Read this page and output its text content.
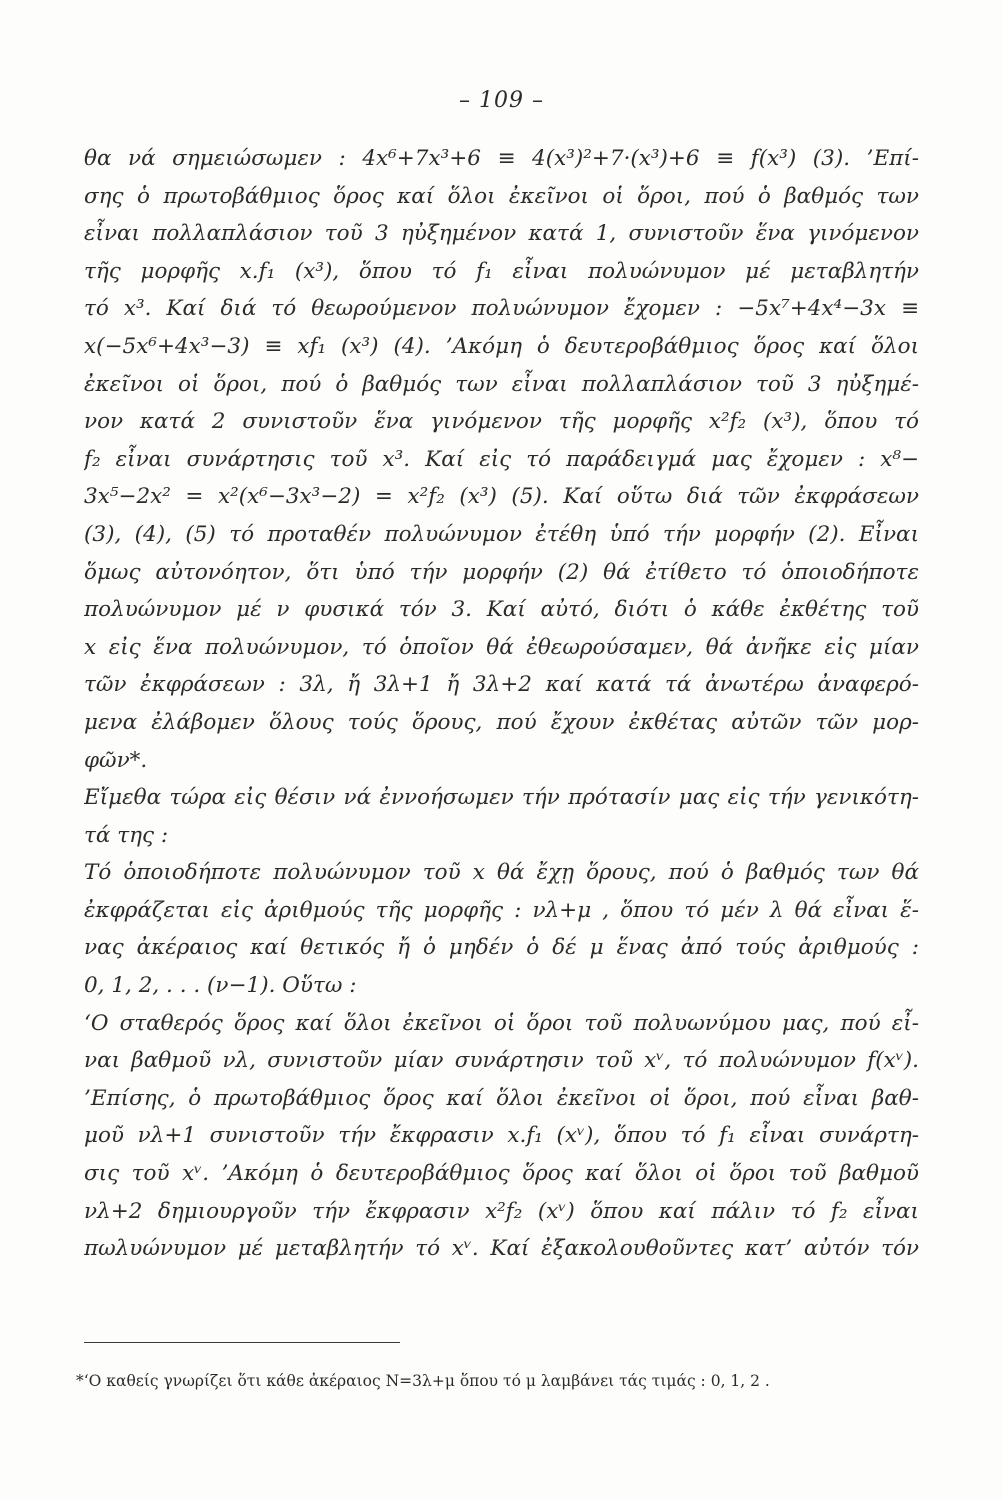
– 109 –
θα νά σημειώσωμεν : 4x⁶+7x³+6 ≡ 4(x³)²+7·(x³)+6 ≡ f(x³) (3). ’Επί-
σης ὁ πρωτοβάθμιος ὅρος καί ὅλοι ἐκεῖνοι οἱ ὅροι, πού ὁ βαθμός των
εἶναι πολλαπλάσιον τοῦ 3 ηὐξημένον κατά 1, συνιστοῦν ἕνα γινόμενον
τῆς μορφῆς x.f₁ (x³), ὅπου τό f₁ εἶναι πολυώνυμον μέ μεταβλητήν
τό x³. Καί διά τό θεωρούμενον πολυώνυμον ἔχομεν : −5x⁷+4x⁴−3x ≡
x(−5x⁶+4x³−3) ≡ xf₁ (x³) (4). ’Ακόμη ὁ δευτεροβάθμιος ὅρος καί ὅλοι
ἐκεῖνοι οἱ ὅροι, πού ὁ βαθμός των εἶναι πολλαπλάσιον τοῦ 3 ηὐξημέ-
νον κατά 2 συνιστοῦν ἕνα γινόμενον τῆς μορφῆς x²f₂ (x³), ὅπου τό
f₂ εἶναι συνάρτησις τοῦ x³. Καί εἰς τό παράδειγμά μας ἔχομεν : x⁸−
3x⁵−2x² = x²(x⁶−3x³−2) = x²f₂ (x³) (5). Καί οὕτω διά τῶν ἐκφράσεων
(3), (4), (5) τό προταθέν πολυώνυμον ἐτέθη ὑπό τήν μορφήν (2). Εἶναι
ὅμως αὐτονόητον, ὅτι ὑπό τήν μορφήν (2) θά ἐτίθετο τό ὁποιοδήποτε
πολυώνυμον μέ ν φυσικά τόν 3. Καί αὐτό, διότι ὁ κάθε ἐκθέτης τοῦ
x εἰς ἕνα πολυώνυμον, τό ὁποῖον θά ἐθεωρούσαμεν, θά ἀνῆκε εἰς μίαν
τῶν ἐκφράσεων : 3λ, ἤ 3λ+1 ἤ 3λ+2 καί κατά τά ἀνωτέρω ἀναφερό-
μενα ἐλάβομεν ὅλους τούς ὅρους, πού ἔχουν ἐκθέτας αὐτῶν τῶν μορ-
φῶν*.
Εἴμεθα τώρα εἰς θέσιν νά ἐννοήσωμεν τήν πρότασίν μας εἰς τήν γενικότη-
τά της :
Τό ὁποιοδήποτε πολυώνυμον τοῦ x θά ἔχῃ ὅρους, πού ὁ βαθμός των θά
ἐκφράζεται εἰς ἀριθμούς τῆς μορφῆς : νλ+μ , ὅπου τό μέν λ θά εἶναι ἕ-
νας ἀκέραιος καί θετικός ἤ ὁ μηδέν ὁ δέ μ ἕνας ἀπό τούς ἀριθμούς :
0, 1, 2, . . . (ν−1). Οὕτω :
‘Ο σταθερός ὅρος καί ὅλοι ἐκεῖνοι οἱ ὅροι τοῦ πολυωνύμου μας, πού εἶ-
ναι βαθμοῦ νλ, συνιστοῦν μίαν συνάρτησιν τοῦ xᵛ, τό πολυώνυμον f(xᵛ).
’Επίσης, ὁ πρωτοβάθμιος ὅρος καί ὅλοι ἐκεῖνοι οἱ ὅροι, πού εἶναι βαθ-
μοῦ νλ+1 συνιστοῦν τήν ἔκφρασιν x.f₁ (xᵛ), ὅπου τό f₁ εἶναι συνάρτη-
σις τοῦ xᵛ. ’Ακόμη ὁ δευτεροβάθμιος ὅρος καί ὅλοι οἱ ὅροι τοῦ βαθμοῦ
νλ+2 δημιουργοῦν τήν ἔκφρασιν x²f₂ (xᵛ) ὅπου καί πάλιν τό f₂ εἶναι
πωλυώνυμον μέ μεταβλητήν τό xᵛ. Καί ἐξακολουθοῦντες κατ’ αὐτόν τόν
*‘Ο καθείς γνωρίζει ὅτι κάθε ἀκέραιος N=3λ+μ ὅπου τό μ λαμβάνει τάς τιμάς : 0, 1, 2 .
